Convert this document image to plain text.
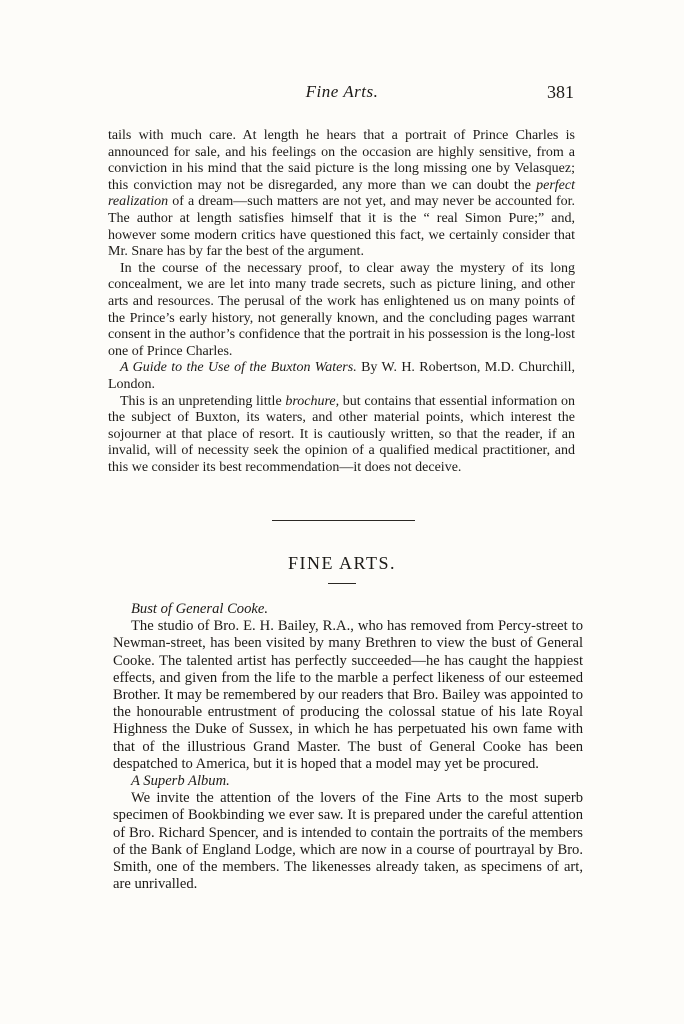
Fine Arts.	381

tails with much care. At length he hears that a portrait of Prince Charles is announced for sale, and his feelings on the occasion are highly sensitive, from a conviction in his mind that the said picture is the long missing one by Velasquez; this conviction may not be disregarded, any more than we can doubt the perfect realization of a dream—such matters are not yet, and may never be accounted for. The author at length satisfies himself that it is the “ real Simon Pure;” and, however some modern critics have questioned this fact, we certainly consider that Mr. Snare has by far the best of the argument.

In the course of the necessary proof, to clear away the mystery of its long concealment, we are let into many trade secrets, such as picture lining, and other arts and resources. The perusal of the work has enlightened us on many points of the Prince’s early history, not generally known, and the concluding pages warrant consent in the author’s confidence that the portrait in his possession is the long-lost one of Prince Charles.

A Guide to the Use of the Buxton Waters. By W. H. Robertson, M.D. Churchill, London.

This is an unpretending little brochure, but contains that essential information on the subject of Buxton, its waters, and other material points, which interest the sojourner at that place of resort. It is cautiously written, so that the reader, if an invalid, will of necessity seek the opinion of a qualified medical practitioner, and this we consider its best recommendation—it does not deceive.

FINE ARTS.

Bust of General Cooke.

The studio of Bro. E. H. Bailey, R.A., who has removed from Percy-street to Newman-street, has been visited by many Brethren to view the bust of General Cooke. The talented artist has perfectly succeeded—he has caught the happiest effects, and given from the life to the marble a perfect likeness of our esteemed Brother. It may be remembered by our readers that Bro. Bailey was appointed to the honourable entrustment of producing the colossal statue of his late Royal Highness the Duke of Sussex, in which he has perpetuated his own fame with that of the illustrious Grand Master. The bust of General Cooke has been despatched to America, but it is hoped that a model may yet be procured.

A Superb Album.

We invite the attention of the lovers of the Fine Arts to the most superb specimen of Bookbinding we ever saw. It is prepared under the careful attention of Bro. Richard Spencer, and is intended to contain the portraits of the members of the Bank of England Lodge, which are now in a course of pourtrayal by Bro. Smith, one of the members. The likenesses already taken, as specimens of art, are unrivalled.
